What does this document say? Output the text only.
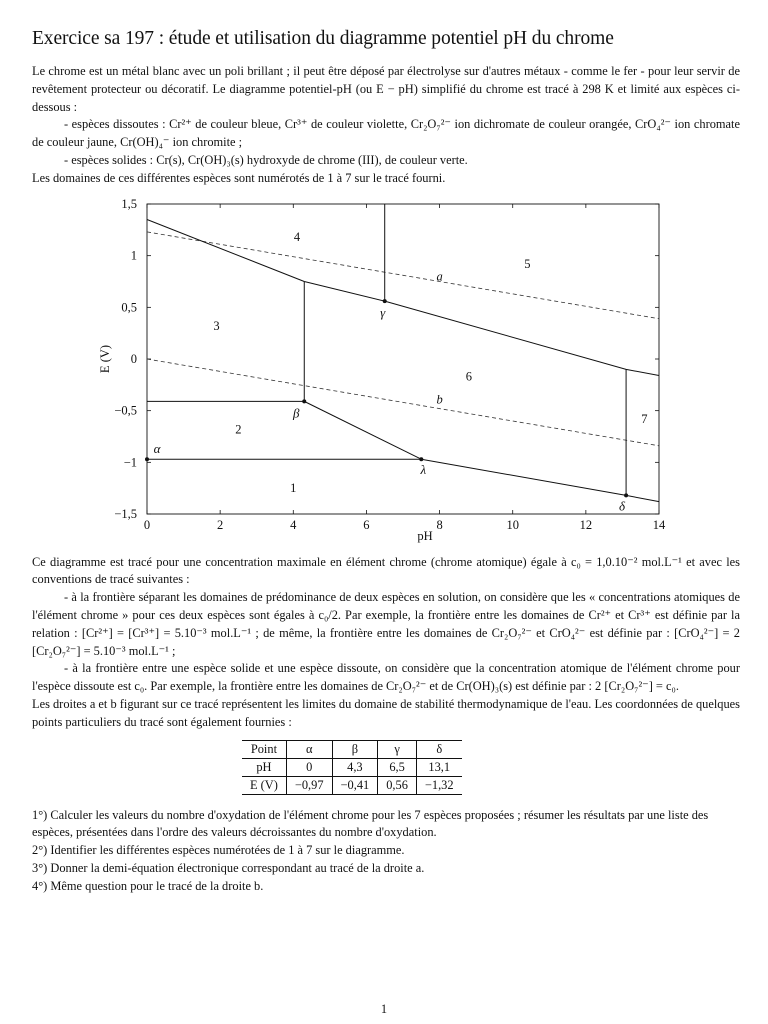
Exercice sa 197 : étude et utilisation du diagramme potentiel pH du chrome

Le chrome est un métal blanc avec un poli brillant ; il peut être déposé par électrolyse sur d'autres métaux - comme le fer - pour leur servir de revêtement protecteur ou décoratif. Le diagramme potentiel-pH (ou E − pH) simplifié du chrome est tracé à 298 K et limité aux espèces ci-dessous :

- espèces dissoutes : Cr²⁺ de couleur bleue, Cr³⁺ de couleur violette, Cr₂O₇²⁻ ion dichromate de couleur orangée, CrO₄²⁻ ion chromate de couleur jaune, Cr(OH)₄⁻ ion chromite ;

- espèces solides : Cr(s), Cr(OH)₃(s) hydroxyde de chrome (III), de couleur verte.

Les domaines de ces différentes espèces sont numérotés de 1 à 7 sur le tracé fourni.

0	2	4	6	8	10	12	14
−1,5
−1
−0,5
0
0,5
1
1,5
pH
E (V)
α
β
γ
δ
λ
1
2
3
4
5
6
7
a
b

Ce diagramme est tracé pour une concentration maximale en élément chrome (chrome atomique) égale à c₀ = 1,0.10⁻² mol.L⁻¹ et avec les conventions de tracé suivantes :

- à la frontière séparant les domaines de prédominance de deux espèces en solution, on considère que les « concentrations atomiques de l'élément chrome » pour ces deux espèces sont égales à c₀/2. Par exemple, la frontière entre les domaines de Cr²⁺ et Cr³⁺ est définie par la relation : [Cr²⁺] = [Cr³⁺] = 5.10⁻³ mol.L⁻¹ ; de même, la frontière entre les domaines de Cr₂O₇²⁻ et CrO₄²⁻ est définie par : [CrO₄²⁻] = 2 [Cr₂O₇²⁻] = 5.10⁻³ mol.L⁻¹ ;

- à la frontière entre une espèce solide et une espèce dissoute, on considère que la concentration atomique de l'élément chrome pour l'espèce dissoute est c₀. Par exemple, la frontière entre les domaines de Cr₂O₇²⁻ et de Cr(OH)₃(s) est définie par : 2 [Cr₂O₇²⁻] = c₀.

Les droites a et b figurant sur ce tracé représentent les limites du domaine de stabilité thermodynamique de l'eau. Les coordonnées de quelques points particuliers du tracé sont également fournies :

Point	α	β	γ	δ
pH	0	4,3	6,5	13,1
E (V)	−0,97	−0,41	0,56	−1,32

1°) Calculer les valeurs du nombre d'oxydation de l'élément chrome pour les 7 espèces proposées ; résumer les résultats par une liste des espèces, présentées dans l'ordre des valeurs décroissantes du nombre d'oxydation.

2°) Identifier les différentes espèces numérotées de 1 à 7 sur le diagramme.

3°) Donner la demi-équation électronique correspondant au tracé de la droite a.

4°) Même question pour le tracé de la droite b.

1
